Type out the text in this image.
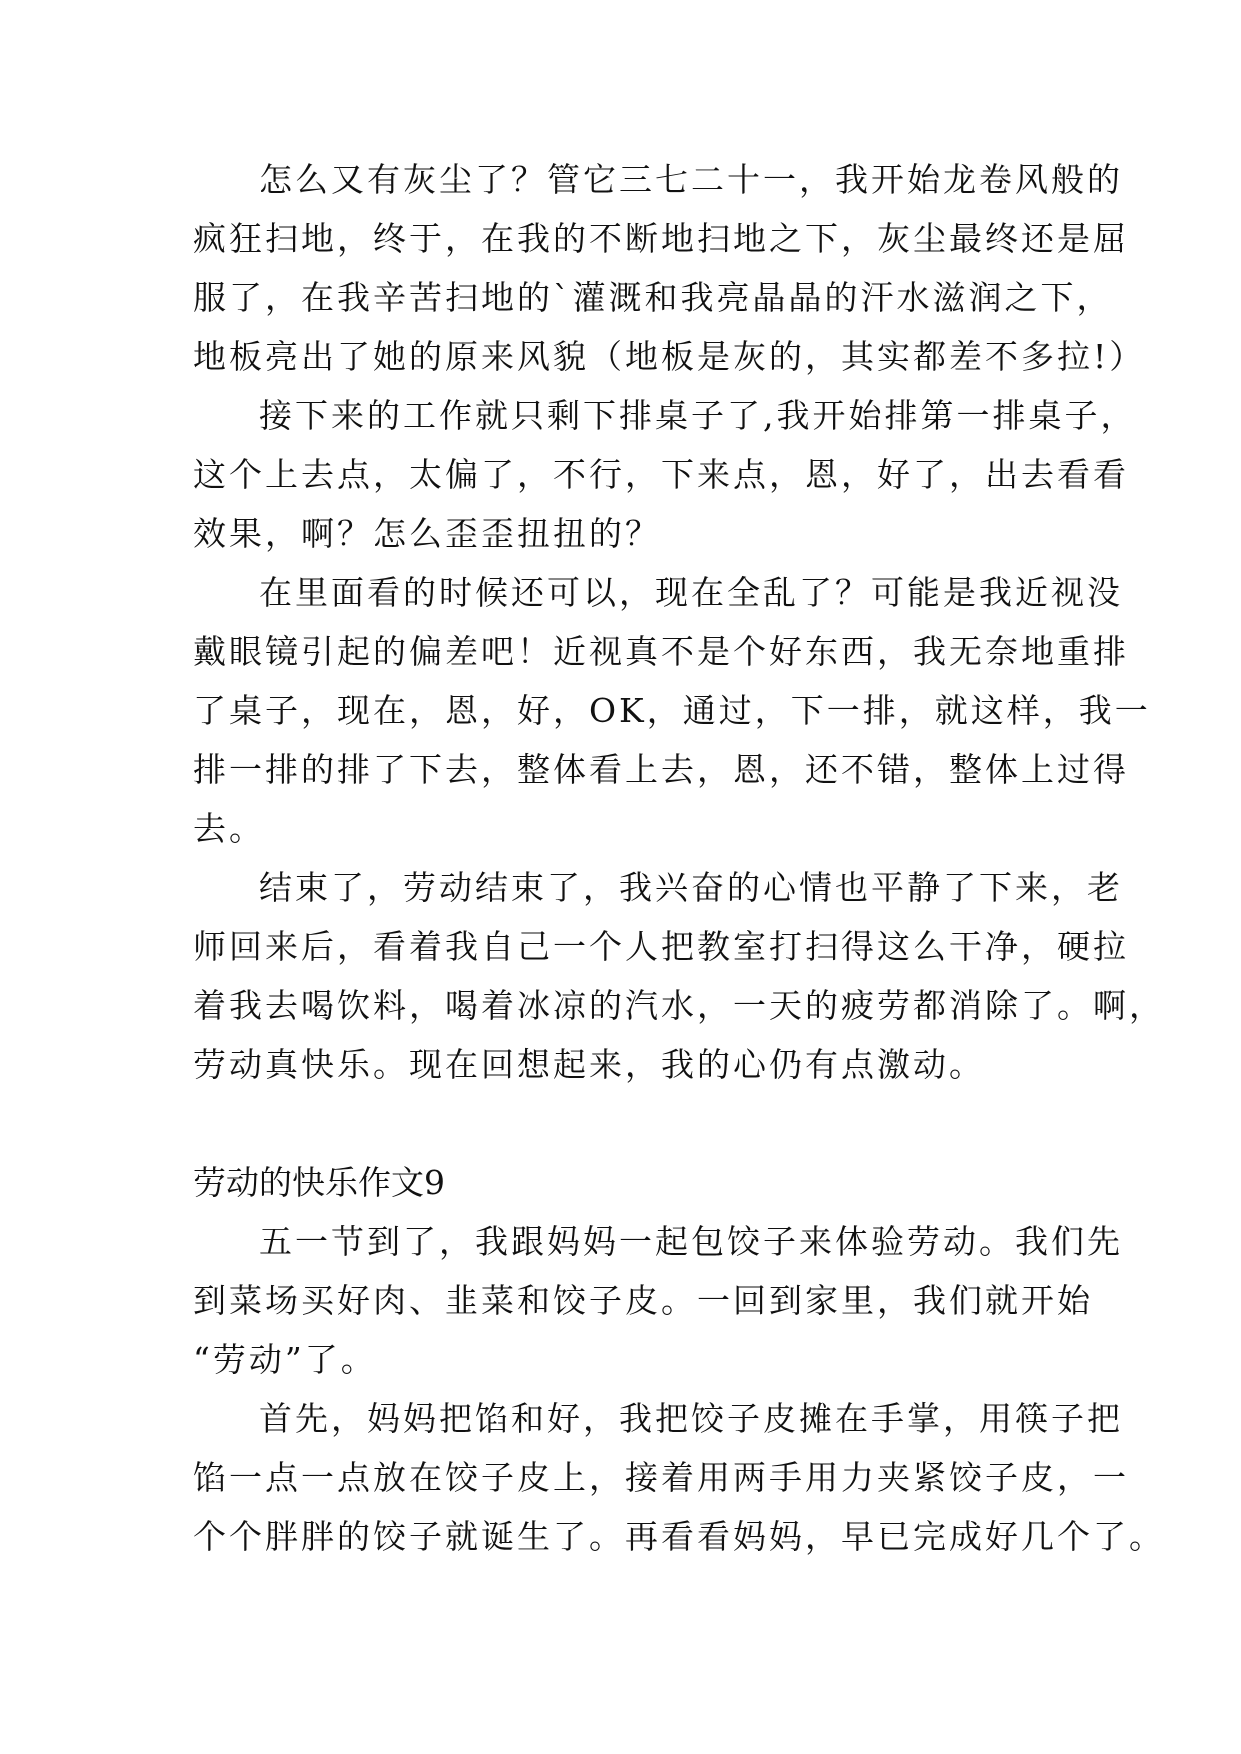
怎么又有灰尘了？管它三七二十一，我开始龙卷风般的
疯狂扫地，终于，在我的不断地扫地之下，灰尘最终还是屈
服了，在我辛苦扫地的`灌溉和我亮晶晶的汗水滋润之下，
地板亮出了她的原来风貌（地板是灰的，其实都差不多拉!）
接下来的工作就只剩下排桌子了,我开始排第一排桌子，
这个上去点，太偏了，不行，下来点，恩，好了，出去看看
效果，啊？怎么歪歪扭扭的？
在里面看的时候还可以，现在全乱了？可能是我近视没
戴眼镜引起的偏差吧！近视真不是个好东西，我无奈地重排
了桌子，现在，恩，好，OK，通过，下一排，就这样，我一
排一排的排了下去，整体看上去，恩，还不错，整体上过得
去。
结束了，劳动结束了，我兴奋的心情也平静了下来，老
师回来后，看着我自己一个人把教室打扫得这么干净，硬拉
着我去喝饮料，喝着冰凉的汽水，一天的疲劳都消除了。啊，
劳动真快乐。现在回想起来，我的心仍有点激动。
劳动的快乐作文9
五一节到了，我跟妈妈一起包饺子来体验劳动。我们先
到菜场买好肉、韭菜和饺子皮。一回到家里，我们就开始
“劳动”了。
首先，妈妈把馅和好，我把饺子皮摊在手掌，用筷子把
馅一点一点放在饺子皮上，接着用两手用力夹紧饺子皮，一
个个胖胖的饺子就诞生了。再看看妈妈，早已完成好几个了。
